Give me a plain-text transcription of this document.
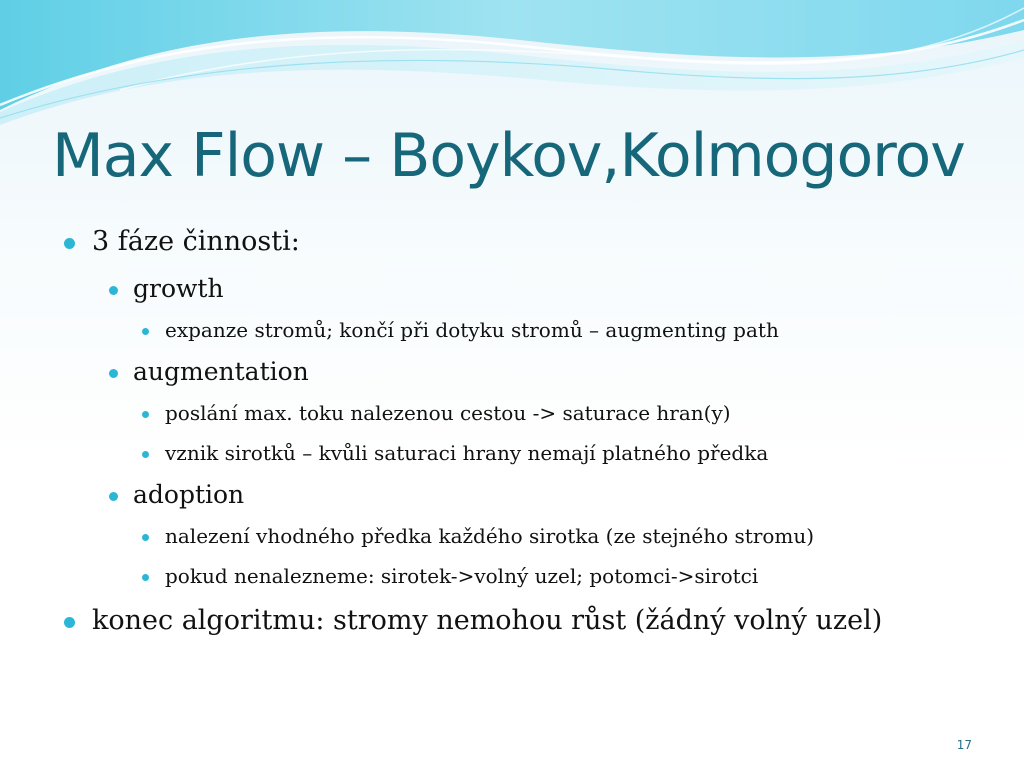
Max Flow – Boykov,Kolmogorov
3 fáze činnosti:
growth
expanze stromů; končí při dotyku stromů – augmenting path
augmentation
poslání max. toku nalezenou cestou -> saturace hran(y)
vznik sirotků – kvůli saturaci hrany nemají platného předka
adoption
nalezení vhodného předka každého sirotka (ze stejného stromu)
pokud nenalezneme: sirotek->volný uzel; potomci->sirotci
konec algoritmu: stromy nemohou růst (žádný volný uzel)
17
